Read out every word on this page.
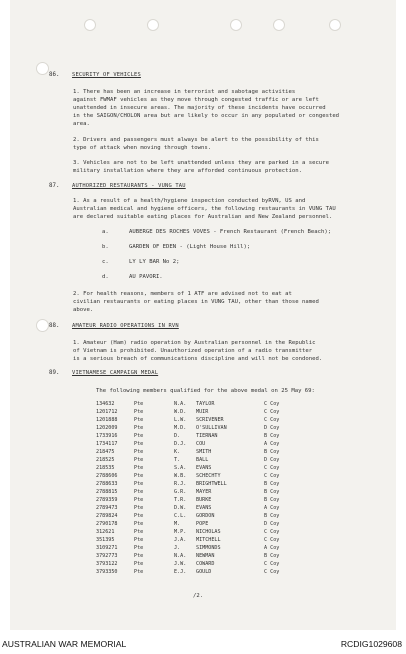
86. SECURITY OF VEHICLES
1. There has been an increase in terrorist and sabotage activities
against FWMAF vehicles as they move through congested traffic or are left
unattended in insecure areas. The majority of these incidents have occurred
in the SAIGON/CHOLON area but are likely to occur in any populated or congested
area.
2. Drivers and passengers must always be alert to the possibility of this
type of attack when moving through towns.
3. Vehicles are not to be left unattended unless they are parked in a secure
military installation where they are afforded continuous protection.
87. AUTHORIZED RESTAURANTS - VUNG TAU
1. As a result of a health/hygiene inspection conducted byRVN, US and
Australian medical and hygiene officers, the following restaurants in VUNG TAU
are declared suitable eating places for Australian and New Zealand personnel.
a.	AUBERGE DES ROCHES VOVES - French Restaurant (French Beach);
b.	GARDEN OF EDEN - (Light House Hill);
c.	LY LY BAR No 2;
d.	AU PAVORI.
2. For health reasons, members of 1 ATF are advised not to eat at
civilian restaurants or eating places in VUNG TAU, other than those named
above.
88. AMATEUR RADIO OPERATIONS IN RVN
1. Amateur (Ham) radio operation by Australian personnel in the Republic
of Vietnam is prohibited. Unauthorized operation of a radio transmitter
is a serious breach of communications discipline and will not be condoned.
89. VIETNAMESE CAMPAIGN MEDAL
The following members qualified for the above medal on 25 May 69:
134632	Pte	N.A. TAYLOR	C Coy
1201712	Pte	W.D. MUIR	C Coy
1201888	Pte	L.W. SCRIVENER	C Coy
1202009	Pte	M.D. O'SULLIVAN	D Coy
1733916	Pte	D.	TIERNAN	B Coy
1734117	Pte	D.J. COU	A Coy
218475	Pte	K.	SMITH	B Coy
218525	Pte	T.	BALL	D Coy
218535	Pte	S.A. EVANS	C Coy
2788606	Pte	W.B. SCHECHTY	C Coy
2788633	Pte	R.J. BRIGHTWELL	B Coy
2788815	Pte	G.R. MAYER	B Coy
2789359	Pte	T.R. BURKE	B Coy
2789473	Pte	D.W. EVANS	A Coy
2789824	Pte	C.L. GORDON	B Coy
2790178	Pte	M.	POPE	D Coy
312621	Pte	M.P. NICHOLAS	C Coy
351395	Pte	J.A. MITCHELL	C Coy
3109271	Pte	J.	SIMMONDS	A Coy
3792773	Pte	N.A. NEWMAN	B Coy
3793122	Pte	J.W. COWARD	C Coy
3793350	Pte	E.J. GOULD	C Coy
/2.
AUSTRALIAN WAR MEMORIAL	RCDIG1029608
